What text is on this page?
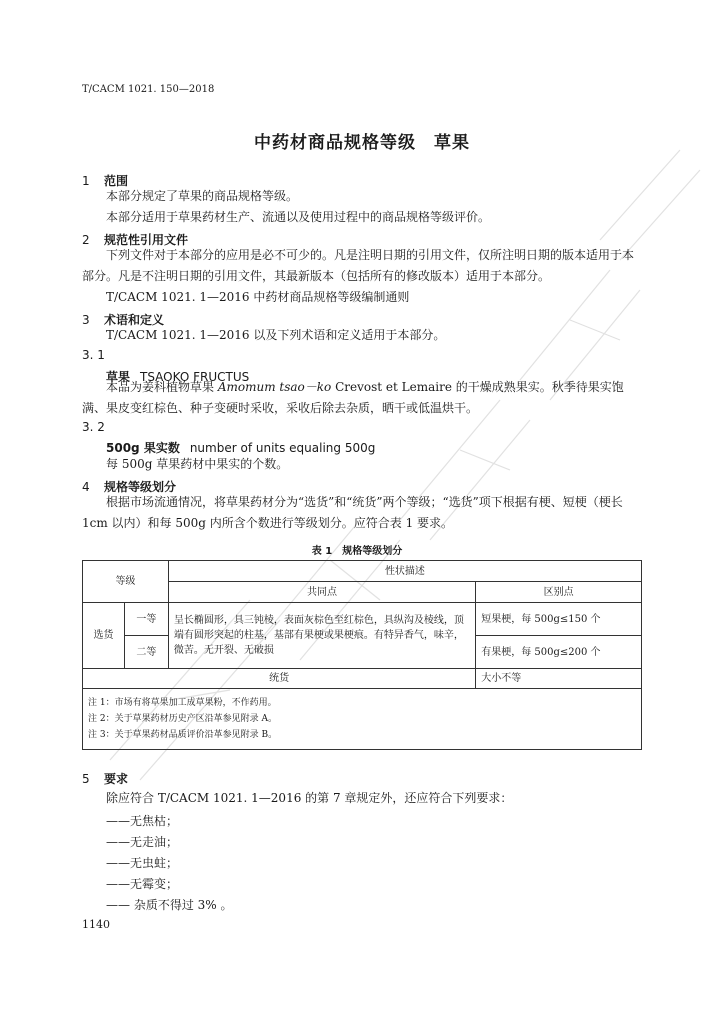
T/CACM 1021. 150—2018
中药材商品规格等级　草果
1 范围

本部分规定了草果的商品规格等级。

本部分适用于草果药材生产、流通以及使用过程中的商品规格等级评价。

2 规范性引用文件

下列文件对于本部分的应用是必不可少的。凡是注明日期的引用文件，仅所注明日期的版本适用于本部分。凡是不注明日期的引用文件，其最新版本（包括所有的修改版本）适用于本部分。

T/CACM 1021. 1—2016 中药材商品规格等级编制通则

3 术语和定义

T/CACM 1021. 1—2016 以及下列术语和定义适用于本部分。

3. 1
草果 TSAOKO FRUCTUS

本品为姜科植物草果 Amomum tsao－ko Crevost et Lemaire 的干燥成熟果实。秋季待果实饱满、果皮变红棕色、种子变硬时采收，采收后除去杂质，晒干或低温烘干。

3. 2
500g 果实数 number of units equaling 500g

每 500g 草果药材中果实的个数。

4 规格等级划分

根据市场流通情况，将草果药材分为“选货”和“统货”两个等级；“选货”项下根据有梗、短梗（梗长 1cm 以内）和每 500g 内所含个数进行等级划分。应符合表 1 要求。

表 1 规格等级划分
等级		性状描述	
		共同点	区别点
选货	一等	呈长椭圆形，具三钝棱，表面灰棕色至红棕色，具纵沟及棱线，顶端有圆形突起的柱基，基部有果梗或果梗痕。有特异香气，味辛，微苦。无开裂、无破损	短果梗，每 500g≤150 个
	二等		有果梗，每 500g≤200 个
统货			大小不等

注 1：市场有将草果加工成草果粉，不作药用。
注 2：关于草果药材历史产区沿革参见附录 A。
注 3：关于草果药材品质评价沿革参见附录 B。			
5 要求

除应符合 T/CACM 1021. 1—2016 的第 7 章规定外，还应符合下列要求：

——无焦枯；
——无走油；
——无虫蛀；
——无霉变；
—— 杂质不得过 3% 。
1140
